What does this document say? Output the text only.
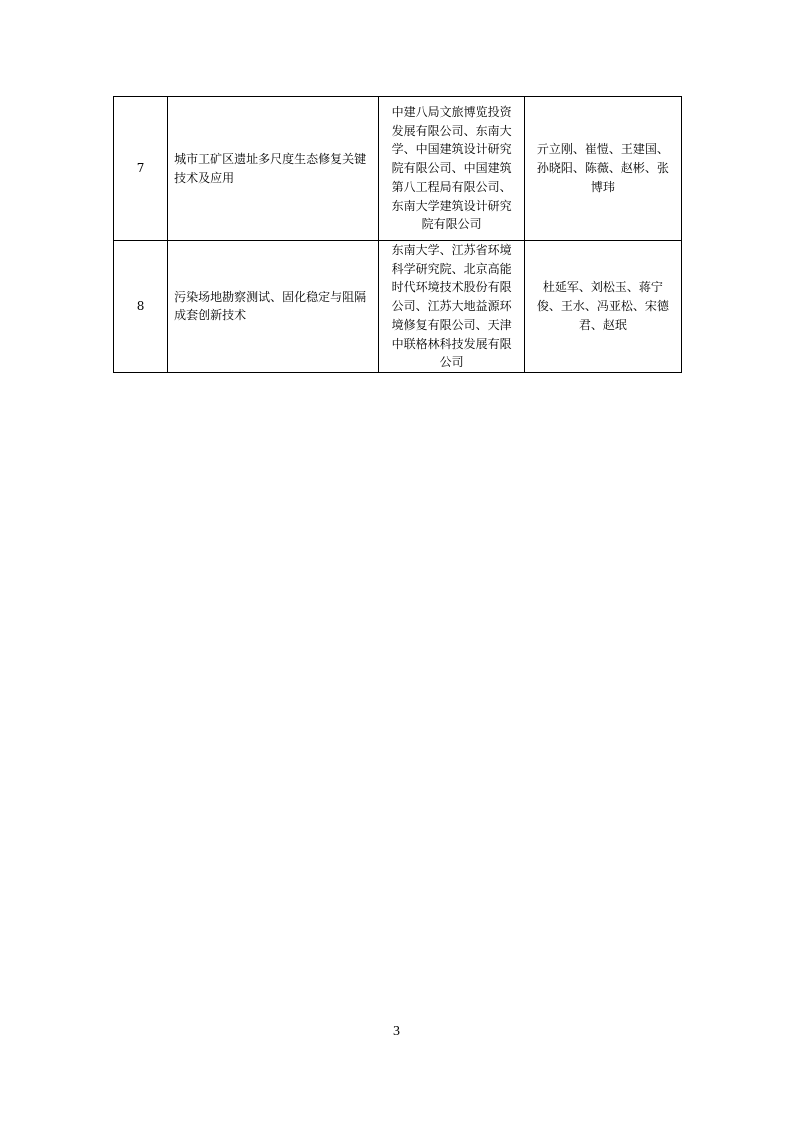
7	城市工矿区遗址多尺度生态修复关键技术及应用	中建八局文旅博览投资发展有限公司、东南大学、中国建筑设计研究院有限公司、中国建筑第八工程局有限公司、东南大学建筑设计研究院有限公司	亓立刚、崔愷、王建国、孙晓阳、陈薇、赵彬、张博玮
8	污染场地勘察测试、固化稳定与阻隔成套创新技术	东南大学、江苏省环境科学研究院、北京高能时代环境技术股份有限公司、江苏大地益源环境修复有限公司、天津中联格林科技发展有限公司	杜延军、刘松玉、蒋宁俊、王水、冯亚松、宋德君、赵珉
3
